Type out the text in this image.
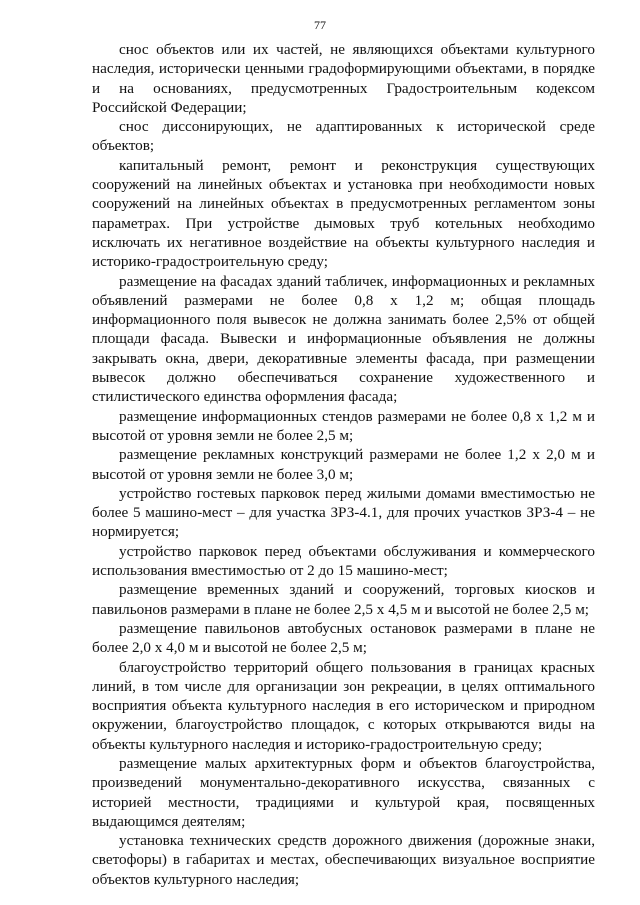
77

снос объектов или их частей, не являющихся объектами культурного наследия, исторически ценными градоформирующими объектами, в порядке и на основаниях, предусмотренных Градостроительным кодексом Российской Федерации;

снос диссонирующих, не адаптированных к исторической среде объектов;

капитальный ремонт, ремонт и реконструкция существующих сооружений на линейных объектах и установка при необходимости новых сооружений на линейных объектах в предусмотренных регламентом зоны параметрах. При устройстве дымовых труб котельных необходимо исключать их негативное воздействие на объекты культурного наследия и историко-градостроительную среду;

размещение на фасадах зданий табличек, информационных и рекламных объявлений размерами не более 0,8 х 1,2 м; общая площадь информационного поля вывесок не должна занимать более 2,5% от общей площади фасада. Вывески и информационные объявления не должны закрывать окна, двери, декоративные элементы фасада, при размещении вывесок должно обеспечиваться сохранение художественного и стилистического единства оформления фасада;

размещение информационных стендов размерами не более 0,8 х 1,2 м и высотой от уровня земли не более 2,5 м;

размещение рекламных конструкций размерами не более 1,2 х 2,0 м и высотой от уровня земли не более 3,0 м;

устройство гостевых парковок перед жилыми домами вместимостью не более 5 машино-мест – для участка ЗРЗ-4.1, для прочих участков ЗРЗ-4 – не нормируется;

устройство парковок перед объектами обслуживания и коммерческого использования вместимостью от 2 до 15 машино-мест;

размещение временных зданий и сооружений, торговых киосков и павильонов размерами в плане не более 2,5 х 4,5 м и высотой не более 2,5 м;

размещение павильонов автобусных остановок размерами в плане не более 2,0 х 4,0 м и высотой не более 2,5 м;

благоустройство территорий общего пользования в границах красных линий, в том числе для организации зон рекреации, в целях оптимального восприятия объекта культурного наследия в его историческом и природном окружении, благоустройство площадок, с которых открываются виды на объекты культурного наследия и историко-градостроительную среду;

размещение малых архитектурных форм и объектов благоустройства, произведений монументально-декоративного искусства, связанных с историей местности, традициями и культурой края, посвященных выдающимся деятелям;

установка технических средств дорожного движения (дорожные знаки, светофоры) в габаритах и местах, обеспечивающих визуальное восприятие объектов культурного наследия;
